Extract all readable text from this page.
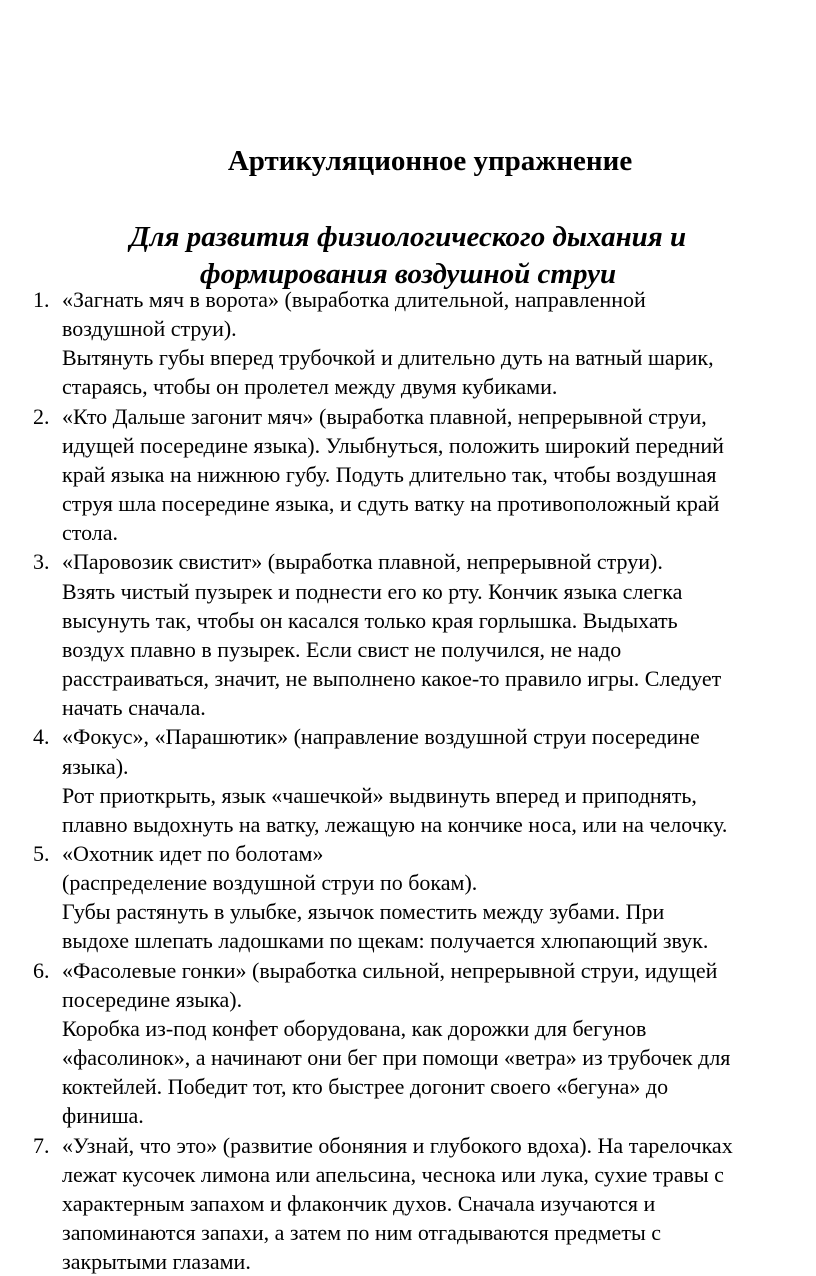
Артикуляционное упражнение
Для развития физиологического дыхания и
формирования воздушной струи
1. «Загнать мяч в ворота» (выработка длительной, направленной
воздушной струи).
Вытянуть губы вперед трубочкой и длительно дуть на ватный шарик,
стараясь, чтобы он пролетел между двумя кубиками.
2. «Кто Дальше загонит мяч» (выработка плавной, непрерывной струи,
идущей посередине языка). Улыбнуться, положить широкий передний
край языка на нижнюю губу. Подуть длительно так, чтобы воздушная
струя шла посередине языка, и сдуть ватку на противоположный край
стола.
3. «Паровозик свистит» (выработка плавной, непрерывной струи).
Взять чистый пузырек и поднести его ко рту. Кончик языка слегка
высунуть так, чтобы он касался только края горлышка. Выдыхать
воздух плавно в пузырек. Если свист не получился, не надо
расстраиваться, значит, не выполнено какое-то правило игры. Следует
начать сначала.
4. «Фокус», «Парашютик» (направление воздушной струи посередине
языка).
Рот приоткрыть, язык «чашечкой» выдвинуть вперед и приподнять,
плавно выдохнуть на ватку, лежащую на кончике носа, или на челочку.
5. «Охотник идет по болотам»
(распределение воздушной струи по бокам).
Губы растянуть в улыбке, язычок поместить между зубами. При
выдохе шлепать ладошками по щекам: получается хлюпающий звук.
6. «Фасолевые гонки» (выработка сильной, непрерывной струи, идущей
посередине языка).
Коробка из-под конфет оборудована, как дорожки для бегунов
«фасолинок», а начинают они бег при помощи «ветра» из трубочек для
коктейлей. Победит тот, кто быстрее догонит своего «бегуна» до
финиша.
7. «Узнай, что это» (развитие обоняния и глубокого вдоха). На тарелочках
лежат кусочек лимона или апельсина, чеснока или лука, сухие травы с
характерным запахом и флакончик духов. Сначала изучаются и
запоминаются запахи, а затем по ним отгадываются предметы с
закрытыми глазами.
